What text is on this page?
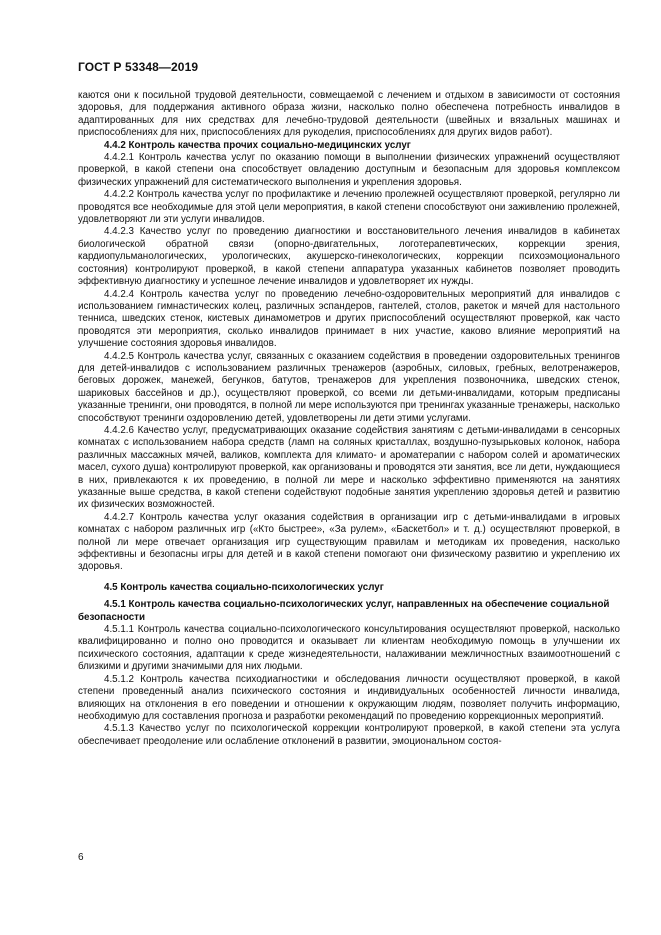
ГОСТ Р 53348—2019

каются они к посильной трудовой деятельности, совмещаемой с лечением и отдыхом в зависимости от состояния здоровья, для поддержания активного образа жизни, насколько полно обеспечена потребность инвалидов в адаптированных для них средствах для лечебно-трудовой деятельности (швейных и вязальных машинах и приспособлениях для них, приспособлениях для рукоделия, приспособлениях для других видов работ).

4.4.2 Контроль качества прочих социально-медицинских услуг

4.4.2.1 Контроль качества услуг по оказанию помощи в выполнении физических упражнений осуществляют проверкой, в какой степени она способствует овладению доступным и безопасным для здоровья комплексом физических упражнений для систематического выполнения и укрепления здоровья.

4.4.2.2 Контроль качества услуг по профилактике и лечению пролежней осуществляют проверкой, регулярно ли проводятся все необходимые для этой цели мероприятия, в какой степени способствуют они заживлению пролежней, удовлетворяют ли эти услуги инвалидов.

4.4.2.3 Качество услуг по проведению диагностики и восстановительного лечения инвалидов в кабинетах биологической обратной связи (опорно-двигательных, логотерапевтических, коррекции зрения, кардиопульманологических, урологических, акушерско-гинекологических, коррекции психоэмоционального состояния) контролируют проверкой, в какой степени аппаратура указанных кабинетов позволяет проводить эффективную диагностику и успешное лечение инвалидов и удовлетворяет их нужды.

4.4.2.4 Контроль качества услуг по проведению лечебно-оздоровительных мероприятий для инвалидов с использованием гимнастических колец, различных эспандеров, гантелей, столов, ракеток и мячей для настольного тенниса, шведских стенок, кистевых динамометров и других приспособлений осуществляют проверкой, как часто проводятся эти мероприятия, сколько инвалидов принимает в них участие, каково влияние мероприятий на улучшение состояния здоровья инвалидов.

4.4.2.5 Контроль качества услуг, связанных с оказанием содействия в проведении оздоровительных тренингов для детей-инвалидов с использованием различных тренажеров (аэробных, силовых, гребных, велотренажеров, беговых дорожек, манежей, бегунков, батутов, тренажеров для укрепления позвоночника, шведских стенок, шариковых бассейнов и др.), осуществляют проверкой, со всеми ли детьми-инвалидами, которым предписаны указанные тренинги, они проводятся, в полной ли мере используются при тренингах указанные тренажеры, насколько способствуют тренинги оздоровлению детей, удовлетворены ли дети этими услугами.

4.4.2.6 Качество услуг, предусматривающих оказание содействия занятиям с детьми-инвалидами в сенсорных комнатах с использованием набора средств (ламп на соляных кристаллах, воздушно-пузырьковых колонок, набора различных массажных мячей, валиков, комплекта для климато- и ароматерапии с набором солей и ароматических масел, сухого душа) контролируют проверкой, как организованы и проводятся эти занятия, все ли дети, нуждающиеся в них, привлекаются к их проведению, в полной ли мере и насколько эффективно применяются на занятиях указанные выше средства, в какой степени содействуют подобные занятия укреплению здоровья детей и развитию их физических возможностей.

4.4.2.7 Контроль качества услуг оказания содействия в организации игр с детьми-инвалидами в игровых комнатах с набором различных игр («Кто быстрее», «За рулем», «Баскетбол» и т. д.) осуществляют проверкой, в полной ли мере отвечает организация игр существующим правилам и методикам их проведения, насколько эффективны и безопасны игры для детей и в какой степени помогают они физическому развитию и укреплению их здоровья.

4.5 Контроль качества социально-психологических услуг

4.5.1 Контроль качества социально-психологических услуг, направленных на обеспечение социальной безопасности

4.5.1.1 Контроль качества социально-психологического консультирования осуществляют проверкой, насколько квалифицированно и полно оно проводится и оказывает ли клиентам необходимую помощь в улучшении их психического состояния, адаптации к среде жизнедеятельности, налаживании межличностных взаимоотношений с близкими и другими значимыми для них людьми.

4.5.1.2 Контроль качества психодиагностики и обследования личности осуществляют проверкой, в какой степени проведенный анализ психического состояния и индивидуальных особенностей личности инвалида, влияющих на отклонения в его поведении и отношении к окружающим людям, позволяет получить информацию, необходимую для составления прогноза и разработки рекомендаций по проведению коррекционных мероприятий.

4.5.1.3 Качество услуг по психологической коррекции контролируют проверкой, в какой степени эта услуга обеспечивает преодоление или ослабление отклонений в развитии, эмоциональном состоя-

6
